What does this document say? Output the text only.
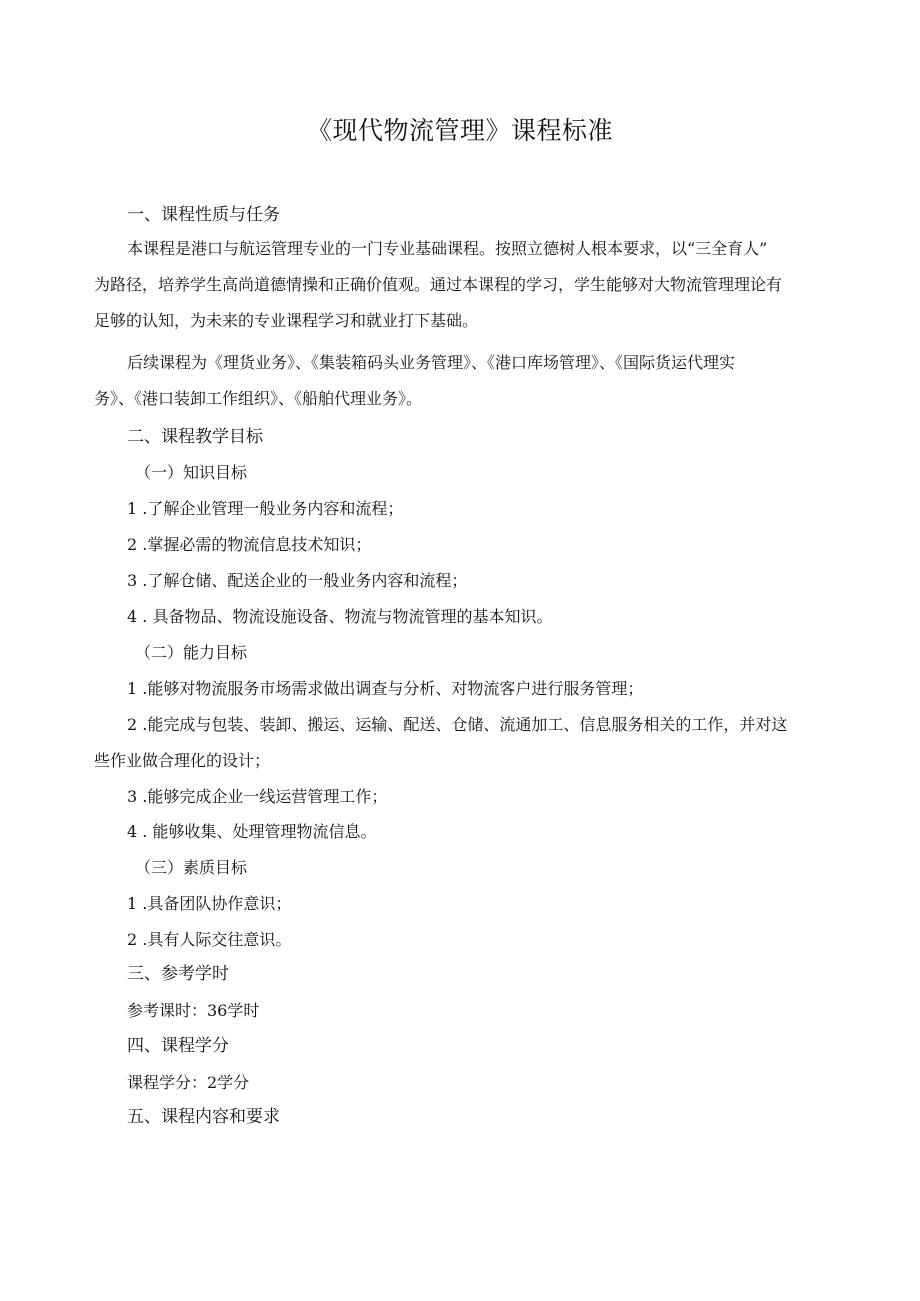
《现代物流管理》课程标准
一、课程性质与任务
本课程是港口与航运管理专业的一门专业基础课程。按照立德树人根本要求，以“三全育人”
为路径，培养学生高尚道德情操和正确价值观。通过本课程的学习，学生能够对大物流管理理论有
足够的认知，为未来的专业课程学习和就业打下基础。
后续课程为《理货业务》、《集装箱码头业务管理》、《港口库场管理》、《国际货运代理实
务》、《港口装卸工作组织》、《船舶代理业务》。
二、课程教学目标
（一）知识目标
1 .了解企业管理一般业务内容和流程；
2 .掌握必需的物流信息技术知识；
3 .了解仓储、配送企业的一般业务内容和流程；
4 . 具备物品、物流设施设备、物流与物流管理的基本知识。
（二）能力目标
1 .能够对物流服务市场需求做出调查与分析、对物流客户进行服务管理；
2 .能完成与包装、装卸、搬运、运输、配送、仓储、流通加工、信息服务相关的工作，并对这
些作业做合理化的设计；
3 .能够完成企业一线运营管理工作；
4 . 能够收集、处理管理物流信息。
（三）素质目标
1 .具备团队协作意识；
2 .具有人际交往意识。
三、参考学时
参考课时：36学时
四、课程学分
课程学分：2学分
五、课程内容和要求
